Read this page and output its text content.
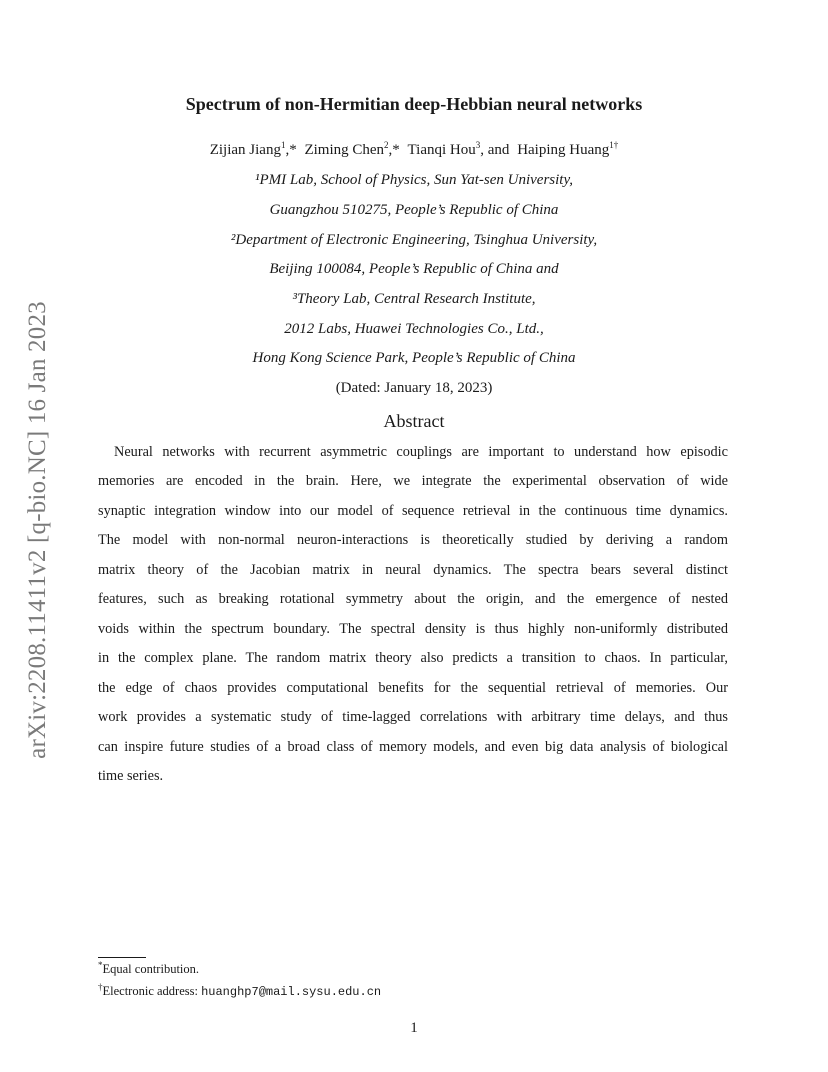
arXiv:2208.11411v2 [q-bio.NC] 16 Jan 2023
Spectrum of non-Hermitian deep-Hebbian neural networks
Zijian Jiang$^1$,* Ziming Chen$^2$,* Tianqi Hou$^3$, and Haiping Huang$^{1\dagger}$
¹PMI Lab, School of Physics, Sun Yat-sen University,
Guangzhou 510275, People’s Republic of China
²Department of Electronic Engineering, Tsinghua University,
Beijing 100084, People’s Republic of China and
³Theory Lab, Central Research Institute,
2012 Labs, Huawei Technologies Co., Ltd.,
Hong Kong Science Park, People’s Republic of China
(Dated: January 18, 2023)
Abstract
Neural networks with recurrent asymmetric couplings are important to understand how episodic
memories are encoded in the brain. Here, we integrate the experimental observation of wide
synaptic integration window into our model of sequence retrieval in the continuous time dynamics.
The model with non-normal neuron-interactions is theoretically studied by deriving a random
matrix theory of the Jacobian matrix in neural dynamics. The spectra bears several distinct
features, such as breaking rotational symmetry about the origin, and the emergence of nested
voids within the spectrum boundary. The spectral density is thus highly non-uniformly distributed
in the complex plane. The random matrix theory also predicts a transition to chaos. In particular,
the edge of chaos provides computational benefits for the sequential retrieval of memories. Our
work provides a systematic study of time-lagged correlations with arbitrary time delays, and thus
can inspire future studies of a broad class of memory models, and even big data analysis of biological
time series.
*Equal contribution.
†Electronic address: huanghp7@mail.sysu.edu.cn
1
